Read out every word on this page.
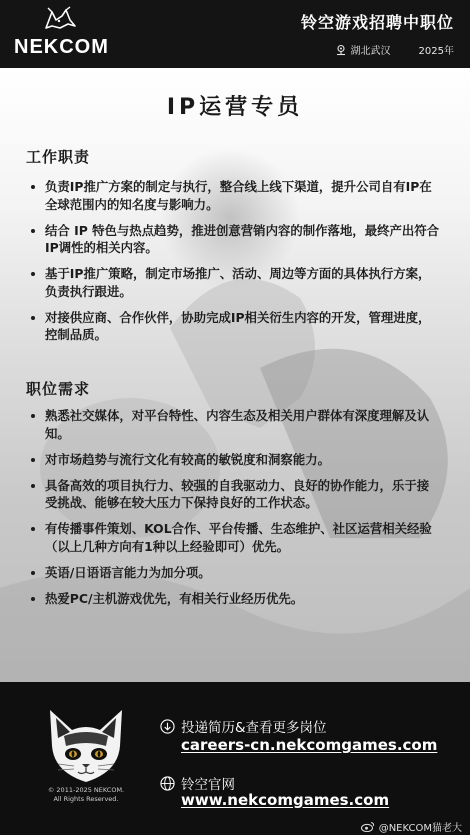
NEKCOM
铃空游戏招聘中职位
湖北武汉	2025年
IP运营专员
工作职责
负责IP推广方案的制定与执行，整合线上线下渠道，提升公司自有IP在全球范围内的知名度与影响力。
结合 IP 特色与热点趋势，推进创意营销内容的制作落地，最终产出符合IP调性的相关内容。
基于IP推广策略，制定市场推广、活动、周边等方面的具体执行方案，负责执行跟进。
对接供应商、合作伙伴，协助完成IP相关衍生内容的开发，管理进度，控制品质。
职位需求
熟悉社交媒体，对平台特性、内容生态及相关用户群体有深度理解及认知。
对市场趋势与流行文化有较高的敏锐度和洞察能力。
具备高效的项目执行力、较强的自我驱动力、良好的协作能力，乐于接受挑战、能够在较大压力下保持良好的工作状态。
有传播事件策划、KOL合作、平台传播、生态维护、社区运营相关经验（以上几种方向有1种以上经验即可）优先。
英语/日语语言能力为加分项。
热爱PC/主机游戏优先，有相关行业经历优先。
© 2011-2025 NEKCOM.
All Rights Reserved.
投递简历&查看更多岗位
careers-cn.nekcomgames.com
铃空官网
www.nekcomgames.com
@NEKCOM猫老大
